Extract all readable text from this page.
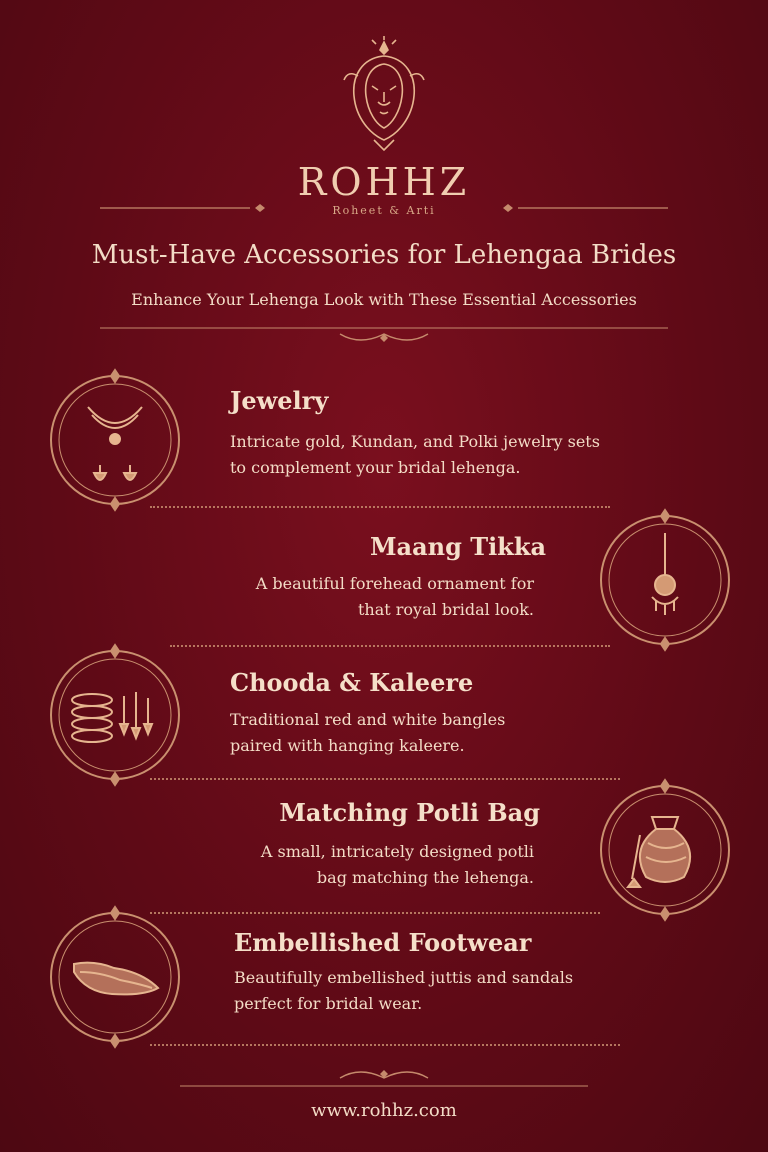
ROHHZ
Roheet & Arti
Must-Have Accessories for Lehengaa Brides
Enhance Your Lehenga Look with These Essential Accessories
Jewelry
Intricate gold, Kundan, and Polki jewelry sets
to complement your bridal lehenga.
Maang Tikka
A beautiful forehead ornament for
that royal bridal look.
Chooda & Kaleere
Traditional red and white bangles
paired with hanging kaleere.
Matching Potli Bag
A small, intricately designed potli
bag matching the lehenga.
Embellished Footwear
Beautifully embellished juttis and sandals
perfect for bridal wear.
www.rohhz.com
